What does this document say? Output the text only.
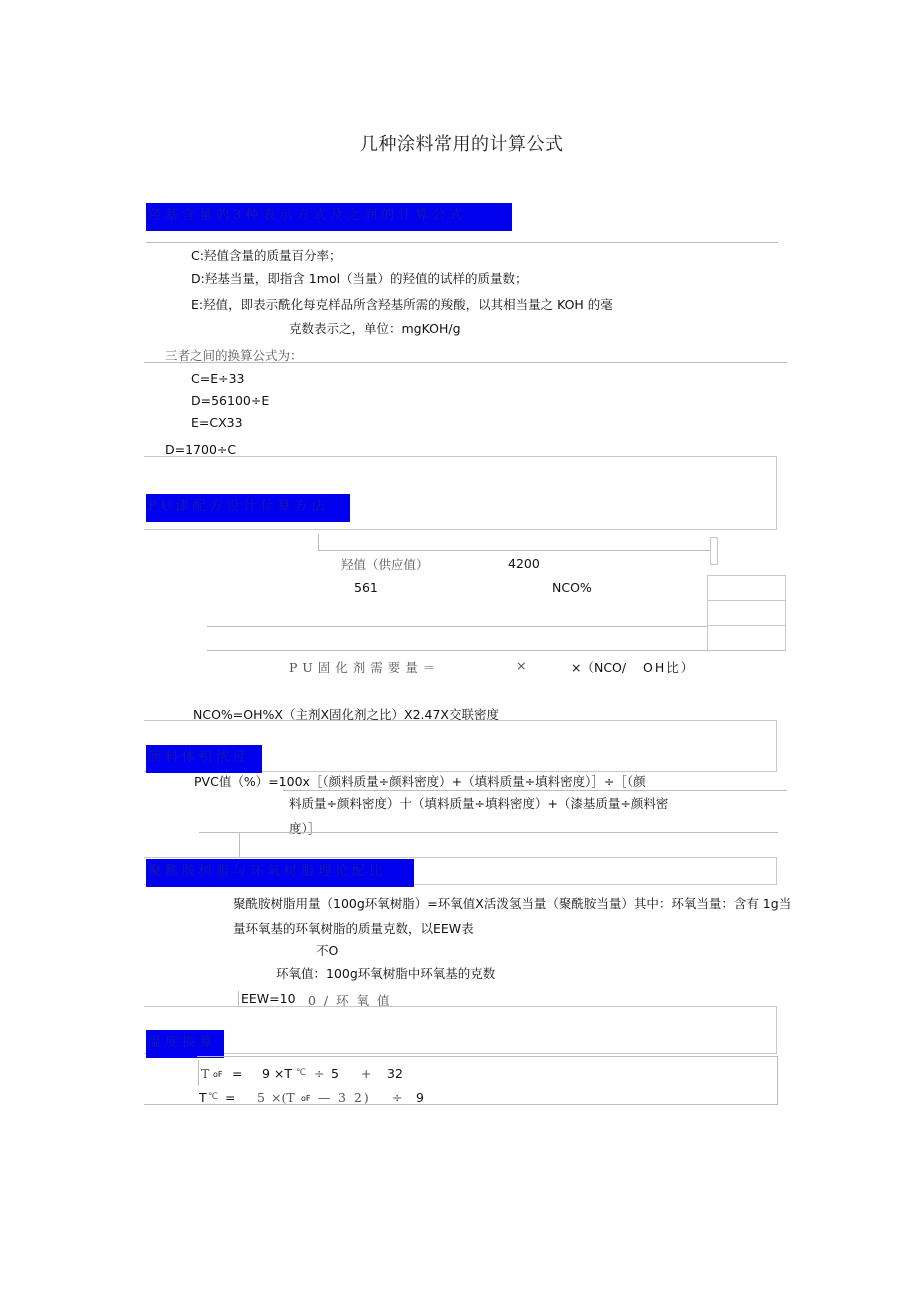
几种涂料常用的计算公式
羟基含量的3种表示方式及之间的计算公式
C:羟值含量的质量百分率；
D:羟基当量，即指含 1mol（当量）的羟值的试样的质量数；
E:羟值，即表示酰化每克样品所含羟基所需的羧酸，以其相当量之 KOH 的毫
克数表示之，单位：mgKOH/g
三者之间的换算公式为：
C=E÷33
D=56100÷E
E=CX33
D=1700÷C
PU漆配方设计计算方法
羟值（供应值）	4200
561	NCO%
PU固化剂需要量＝	×	×（NCO/ OH比）
NCO%=OH%X（主剂X固化剂之比）X2.47X交联密度
颜料体积浓度
PVC值（%）=100x［（颜料质量÷颜料密度）+（填料质量÷填料密度）］÷［（颜
料质量÷颜料密度）十（填料质量÷填料密度）+（漆基质量÷颜料密
度）］
聚酰胺树脂与环氧树脂理论配比
聚酰胺树脂用量（100g环氧树脂）=环氧值X活泼氢当量（聚酰胺当量）其中：环氧当量：含有 1g当
量环氧基的环氧树脂的质量克数，以EEW表
不O
环氧值：100g环氧树脂中环氧基的克数
EEW=10 0 / 环 氧 值
温度换算
T oF = 9 ×T ℃ ÷ 5 + 32
T ℃ = 5 ×(T oF — 3 2) ÷ 9
